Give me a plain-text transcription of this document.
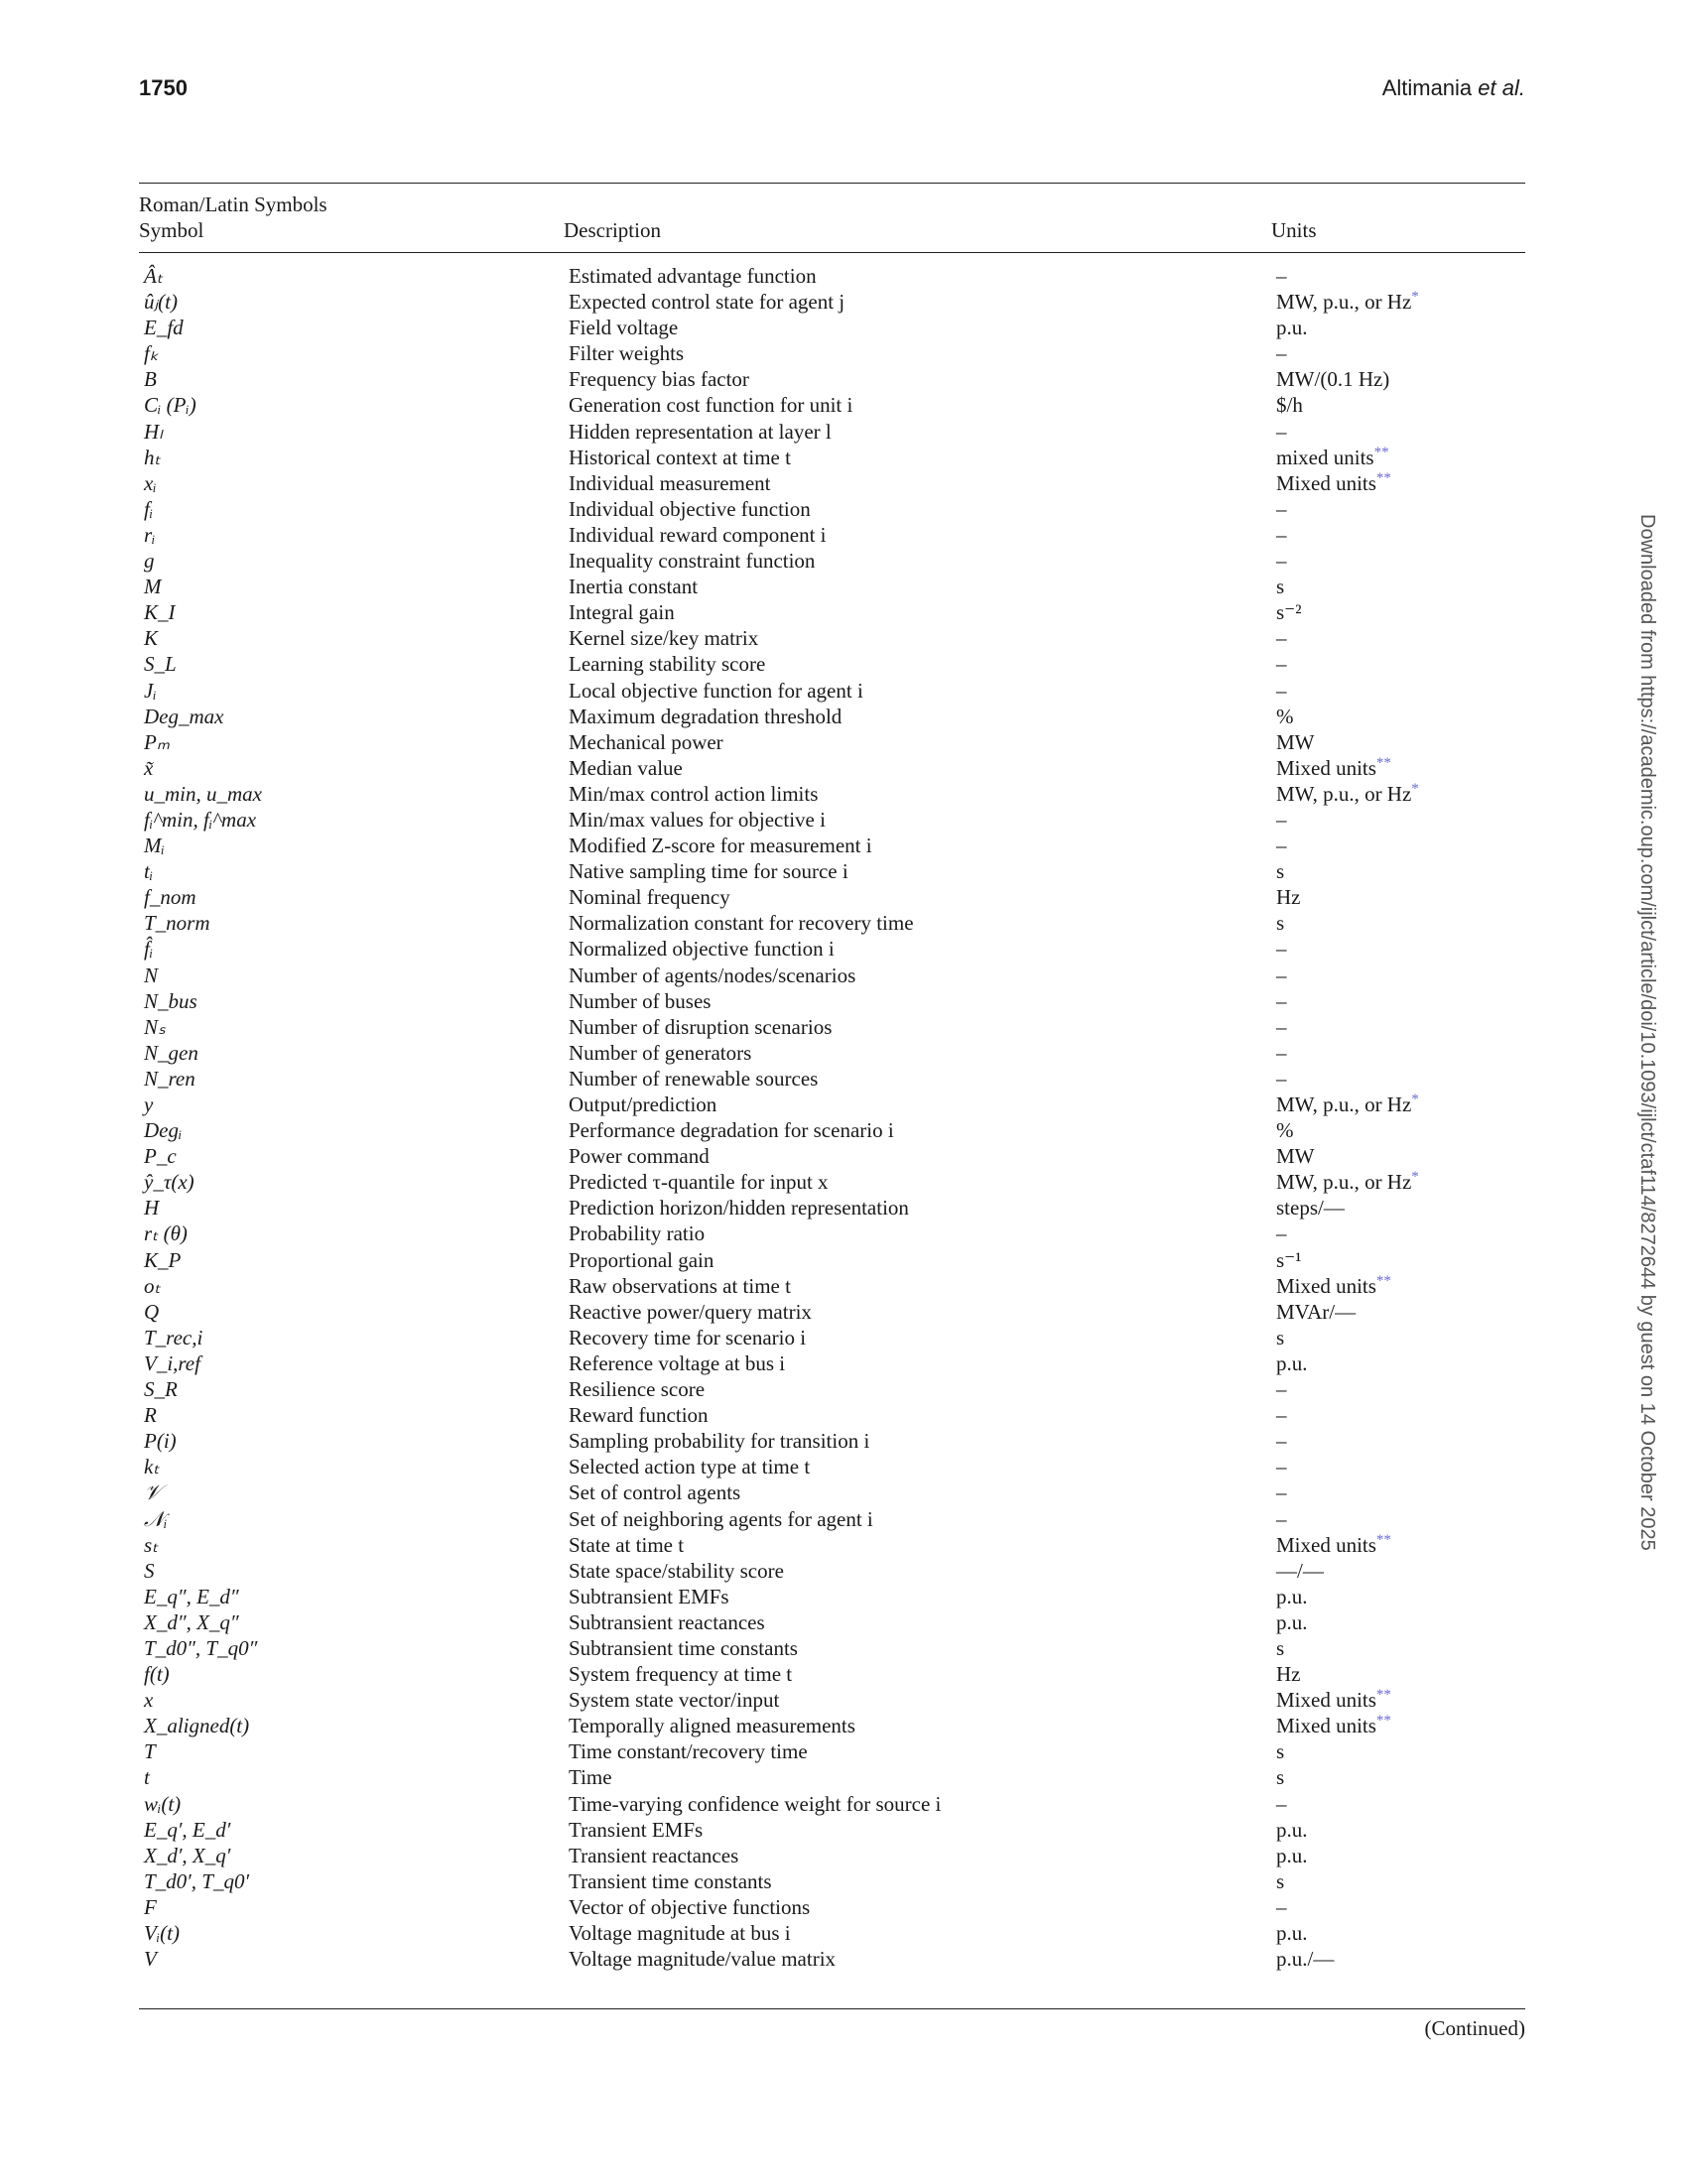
1750	Altimania et al.
Downloaded from https://academic.oup.com/ijlct/article/doi/10.1093/ijlct/ctaf114/8272644 by guest on 14 October 2025
Roman/Latin Symbols
Symbol	Description	Units
Âₜ	Estimated advantage function	–
ûⱼ(t)	Expected control state for agent j	MW, p.u., or Hz*
E_fd	Field voltage	p.u.
fₖ	Filter weights	–
B	Frequency bias factor	MW/(0.1 Hz)
Cᵢ (Pᵢ)	Generation cost function for unit i	$/h
Hₗ	Hidden representation at layer l	–
hₜ	Historical context at time t	mixed units**
xᵢ	Individual measurement	Mixed units**
fᵢ	Individual objective function	–
rᵢ	Individual reward component i	–
g	Inequality constraint function	–
M	Inertia constant	s
K_I	Integral gain	s⁻²
K	Kernel size/key matrix	–
S_L	Learning stability score	–
Jᵢ	Local objective function for agent i	–
Deg_max	Maximum degradation threshold	%
Pₘ	Mechanical power	MW
x̃	Median value	Mixed units**
u_min, u_max	Min/max control action limits	MW, p.u., or Hz*
fᵢ^min, fᵢ^max	Min/max values for objective i	–
Mᵢ	Modified Z-score for measurement i	–
tᵢ	Native sampling time for source i	s
f_nom	Nominal frequency	Hz
T_norm	Normalization constant for recovery time	s
f̂ᵢ	Normalized objective function i	–
N	Number of agents/nodes/scenarios	–
N_bus	Number of buses	–
Nₛ	Number of disruption scenarios	–
N_gen	Number of generators	–
N_ren	Number of renewable sources	–
y	Output/prediction	MW, p.u., or Hz*
Degᵢ	Performance degradation for scenario i	%
P_c	Power command	MW
ŷ_τ(x)	Predicted τ-quantile for input x	MW, p.u., or Hz*
H	Prediction horizon/hidden representation	steps/—
rₜ (θ)	Probability ratio	–
K_P	Proportional gain	s⁻¹
oₜ	Raw observations at time t	Mixed units**
Q	Reactive power/query matrix	MVAr/—
T_rec,i	Recovery time for scenario i	s
V_i,ref	Reference voltage at bus i	p.u.
S_R	Resilience score	–
R	Reward function	–
P(i)	Sampling probability for transition i	–
kₜ	Selected action type at time t	–
𝒱	Set of control agents	–
𝒩ᵢ	Set of neighboring agents for agent i	–
sₜ	State at time t	Mixed units**
S	State space/stability score	—/—
E_q″, E_d″	Subtransient EMFs	p.u.
X_d″, X_q″	Subtransient reactances	p.u.
T_d0″, T_q0″	Subtransient time constants	s
f(t)	System frequency at time t	Hz
x	System state vector/input	Mixed units**
X_aligned(t)	Temporally aligned measurements	Mixed units**
T	Time constant/recovery time	s
t	Time	s
wᵢ(t)	Time-varying confidence weight for source i	–
E_q′, E_d′	Transient EMFs	p.u.
X_d′, X_q′	Transient reactances	p.u.
T_d0′, T_q0′	Transient time constants	s
F	Vector of objective functions	–
Vᵢ(t)	Voltage magnitude at bus i	p.u.
V	Voltage magnitude/value matrix	p.u./—
(Continued)
